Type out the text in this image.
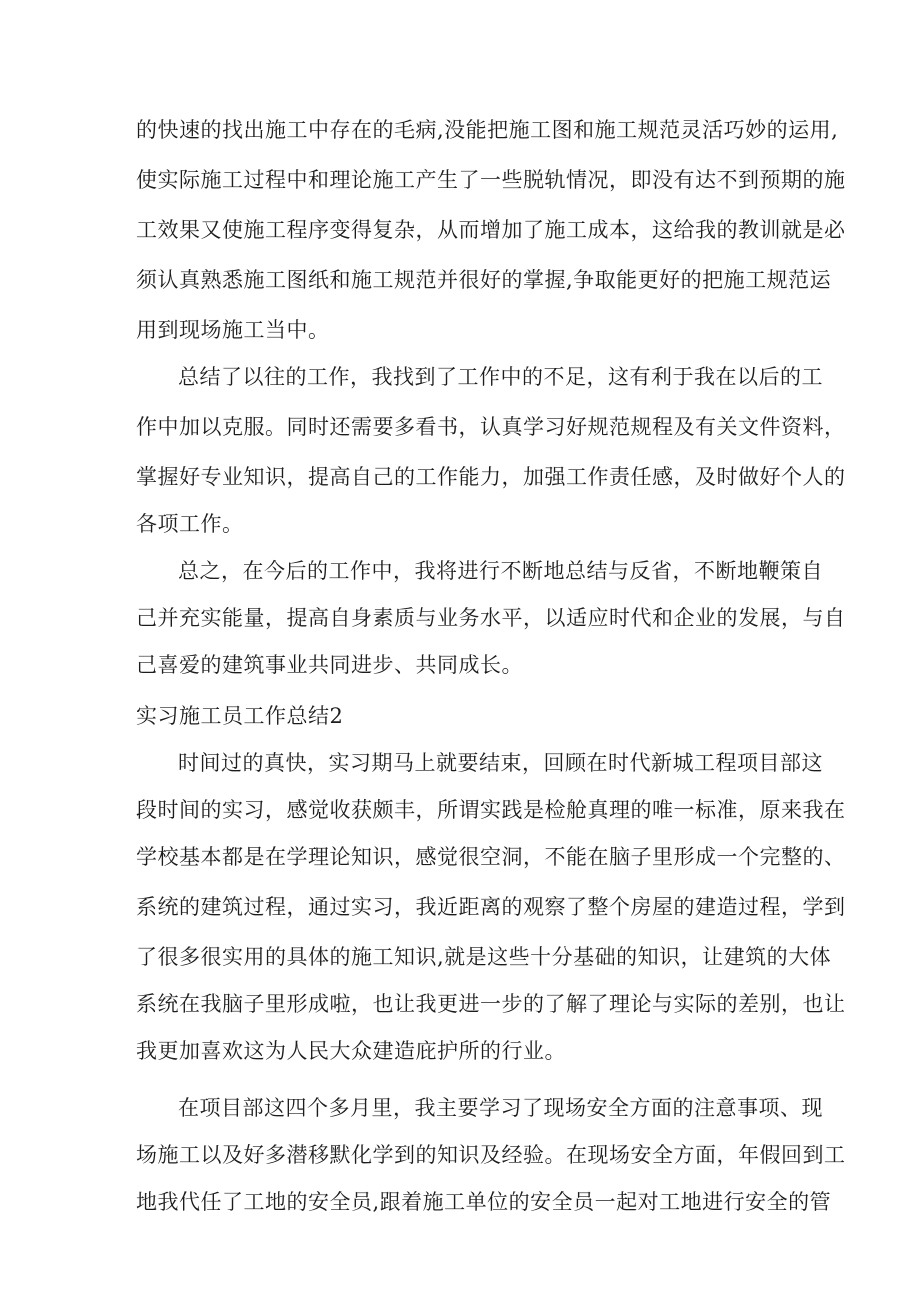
的快速的找出施工中存在的毛病,没能把施工图和施工规范灵活巧妙的运用,

使实际施工过程中和理论施工产生了一些脱轨情况，即没有达不到预期的施

工效果又使施工程序变得复杂，从而增加了施工成本，这给我的教训就是必

须认真熟悉施工图纸和施工规范并很好的掌握,争取能更好的把施工规范运

用到现场施工当中。

总结了以往的工作，我找到了工作中的不足，这有利于我在以后的工

作中加以克服。同时还需要多看书，认真学习好规范规程及有关文件资料，

掌握好专业知识，提高自己的工作能力，加强工作责任感，及时做好个人的

各项工作。

总之，在今后的工作中，我将进行不断地总结与反省，不断地鞭策自

己并充实能量，提高自身素质与业务水平，以适应时代和企业的发展，与自

己喜爱的建筑事业共同进步、共同成长。

实习施工员工作总结2

时间过的真快，实习期马上就要结束，回顾在时代新城工程项目部这

段时间的实习，感觉收获颇丰，所谓实践是检舱真理的唯一标准，原来我在

学校基本都是在学理论知识，感觉很空洞，不能在脑子里形成一个完整的、

系统的建筑过程，通过实习，我近距离的观察了整个房屋的建造过程，学到

了很多很实用的具体的施工知识,就是这些十分基础的知识，让建筑的大体

系统在我脑子里形成啦，也让我更进一步的了解了理论与实际的差别，也让

我更加喜欢这为人民大众建造庇护所的行业。

在项目部这四个多月里，我主要学习了现场安全方面的注意事项、现

场施工以及好多潜移默化学到的知识及经验。在现场安全方面，年假回到工

地我代任了工地的安全员,跟着施工单位的安全员一起对工地进行安全的管
